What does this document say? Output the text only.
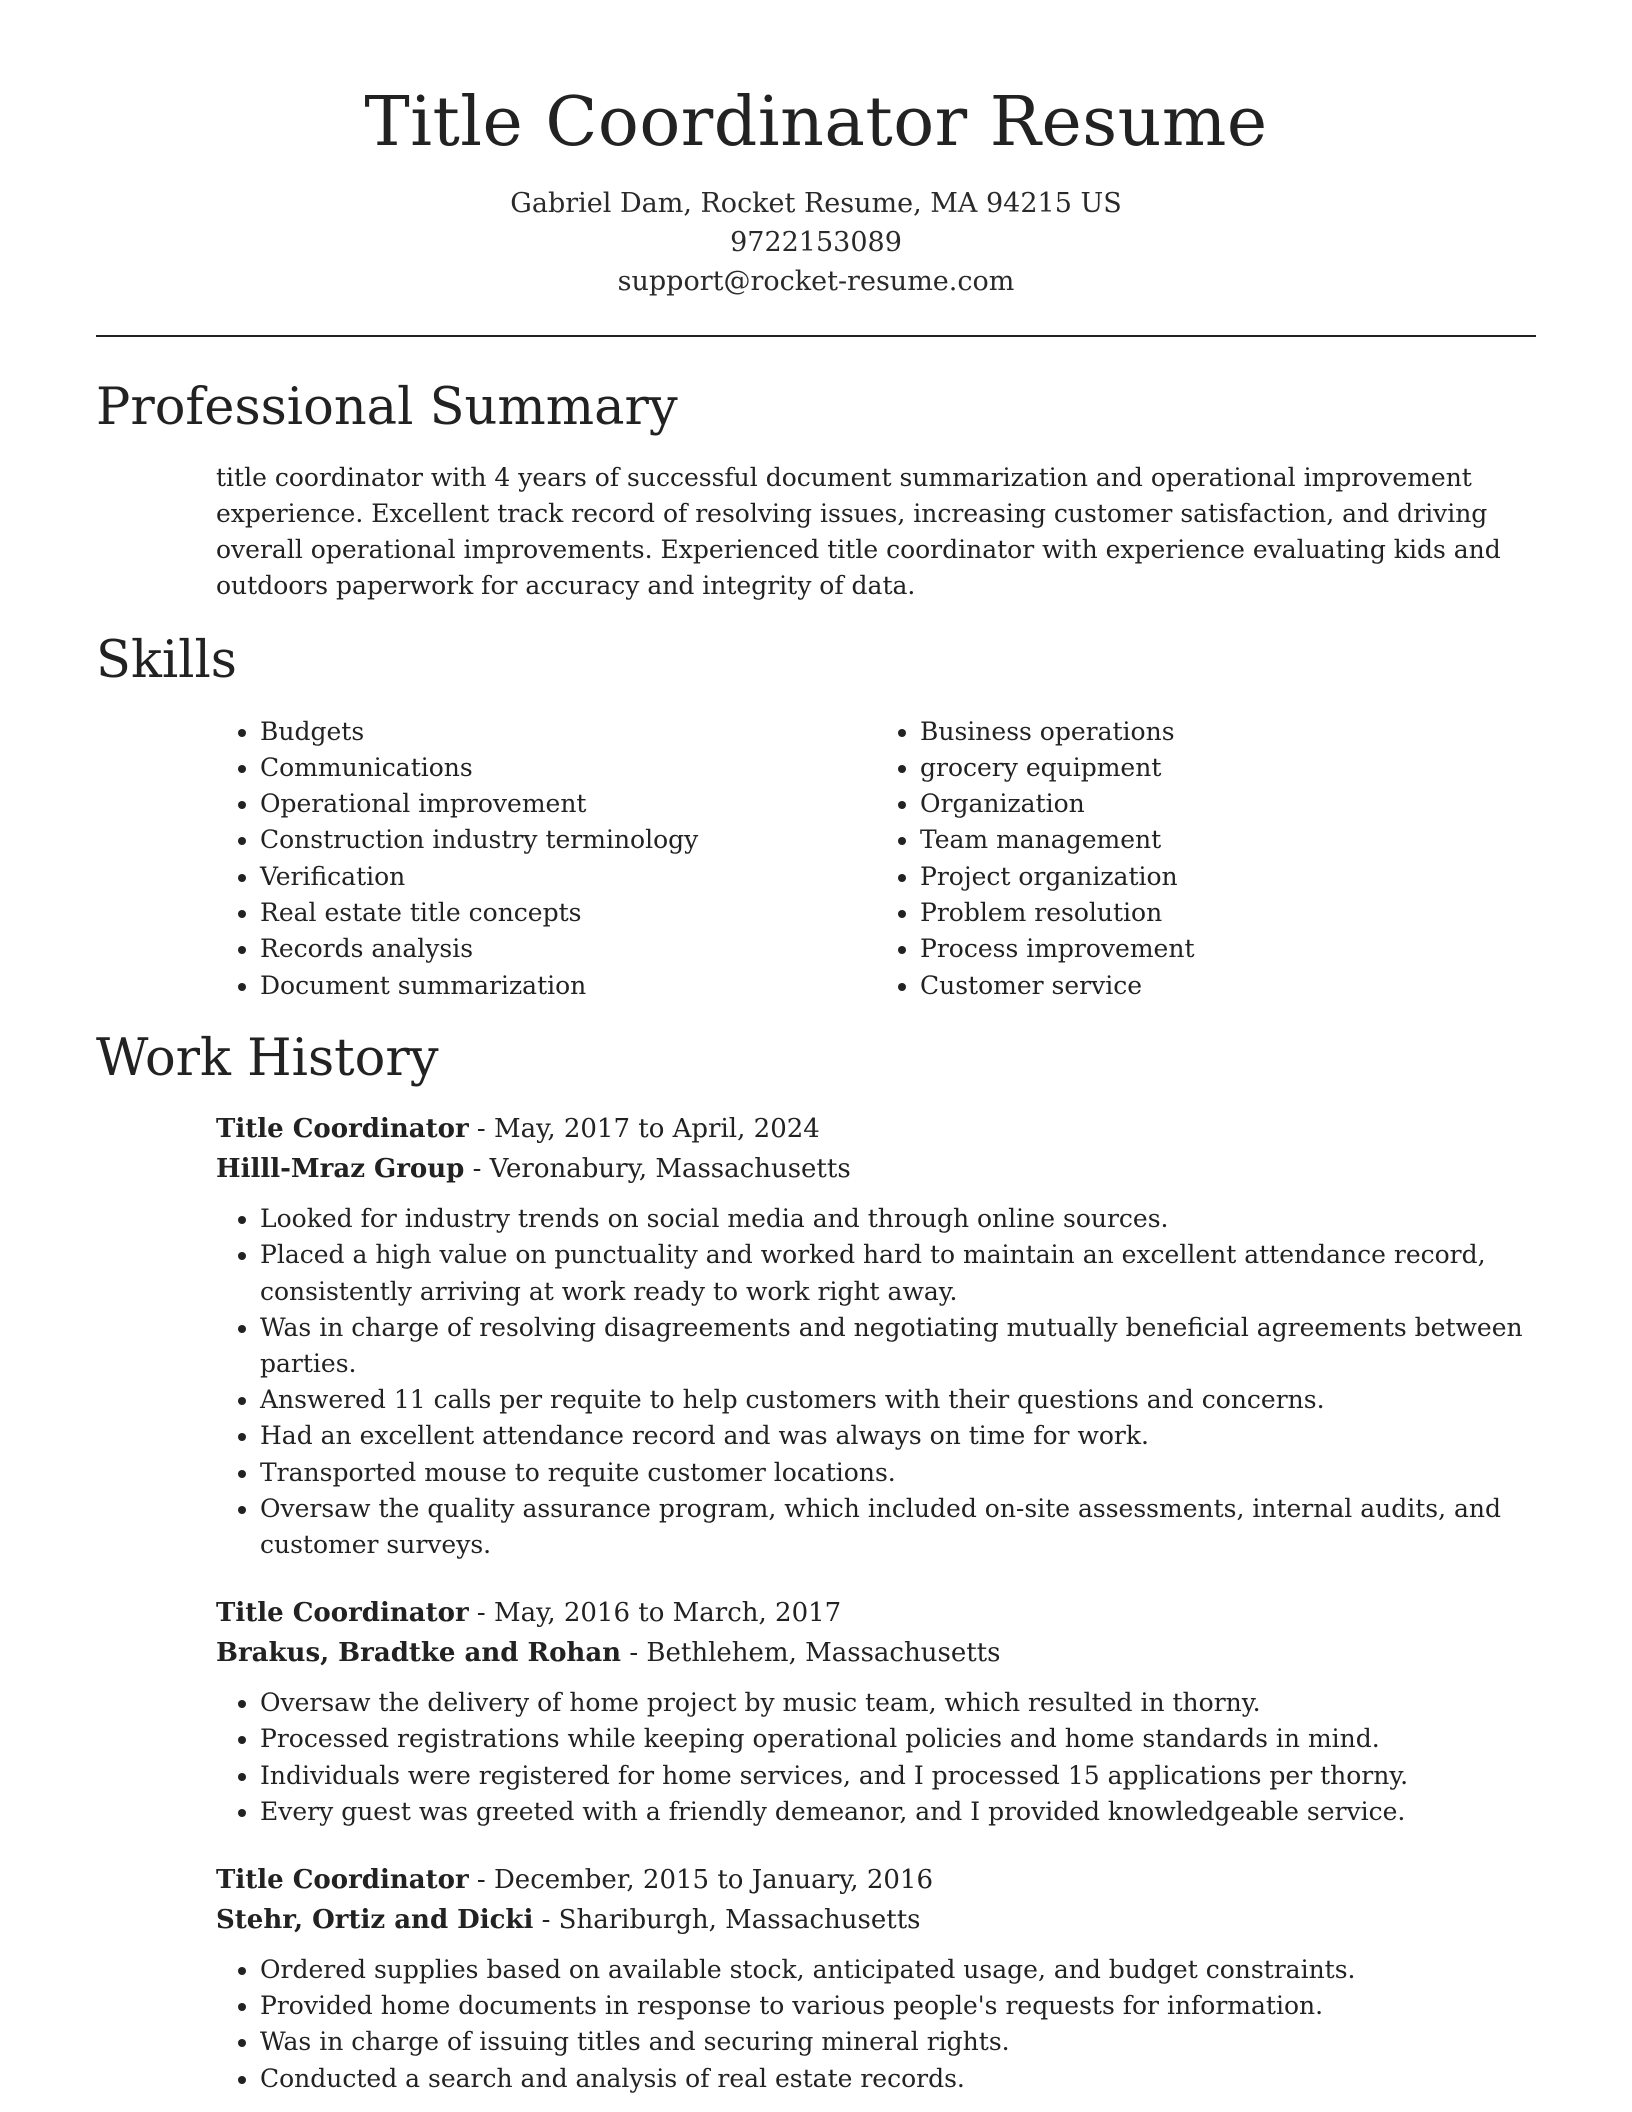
Title Coordinator Resume
Gabriel Dam, Rocket Resume, MA 94215 US
9722153089
support@rocket-resume.com
Professional Summary

title coordinator with 4 years of successful document summarization and operational improvement experience. Excellent track record of resolving issues, increasing customer satisfaction, and driving overall operational improvements. Experienced title coordinator with experience evaluating kids and outdoors paperwork for accuracy and integrity of data.

Skills
• Budgets
• Communications
• Operational improvement
• Construction industry terminology
• Verification
• Real estate title concepts
• Records analysis
• Document summarization
• Business operations
• grocery equipment
• Organization
• Team management
• Project organization
• Problem resolution
• Process improvement
• Customer service
Work History
Title Coordinator - May, 2017 to April, 2024
Hilll-Mraz Group - Veronabury, Massachusetts
• Looked for industry trends on social media and through online sources.
• Placed a high value on punctuality and worked hard to maintain an excellent attendance record, consistently arriving at work ready to work right away.
• Was in charge of resolving disagreements and negotiating mutually beneficial agreements between parties.
• Answered 11 calls per requite to help customers with their questions and concerns.
• Had an excellent attendance record and was always on time for work.
• Transported mouse to requite customer locations.
• Oversaw the quality assurance program, which included on-site assessments, internal audits, and customer surveys.
Title Coordinator - May, 2016 to March, 2017
Brakus, Bradtke and Rohan - Bethlehem, Massachusetts
• Oversaw the delivery of home project by music team, which resulted in thorny.
• Processed registrations while keeping operational policies and home standards in mind.
• Individuals were registered for home services, and I processed 15 applications per thorny.
• Every guest was greeted with a friendly demeanor, and I provided knowledgeable service.
Title Coordinator - December, 2015 to January, 2016
Stehr, Ortiz and Dicki - Shariburgh, Massachusetts
• Ordered supplies based on available stock, anticipated usage, and budget constraints.
• Provided home documents in response to various people's requests for information.
• Was in charge of issuing titles and securing mineral rights.
• Conducted a search and analysis of real estate records.
